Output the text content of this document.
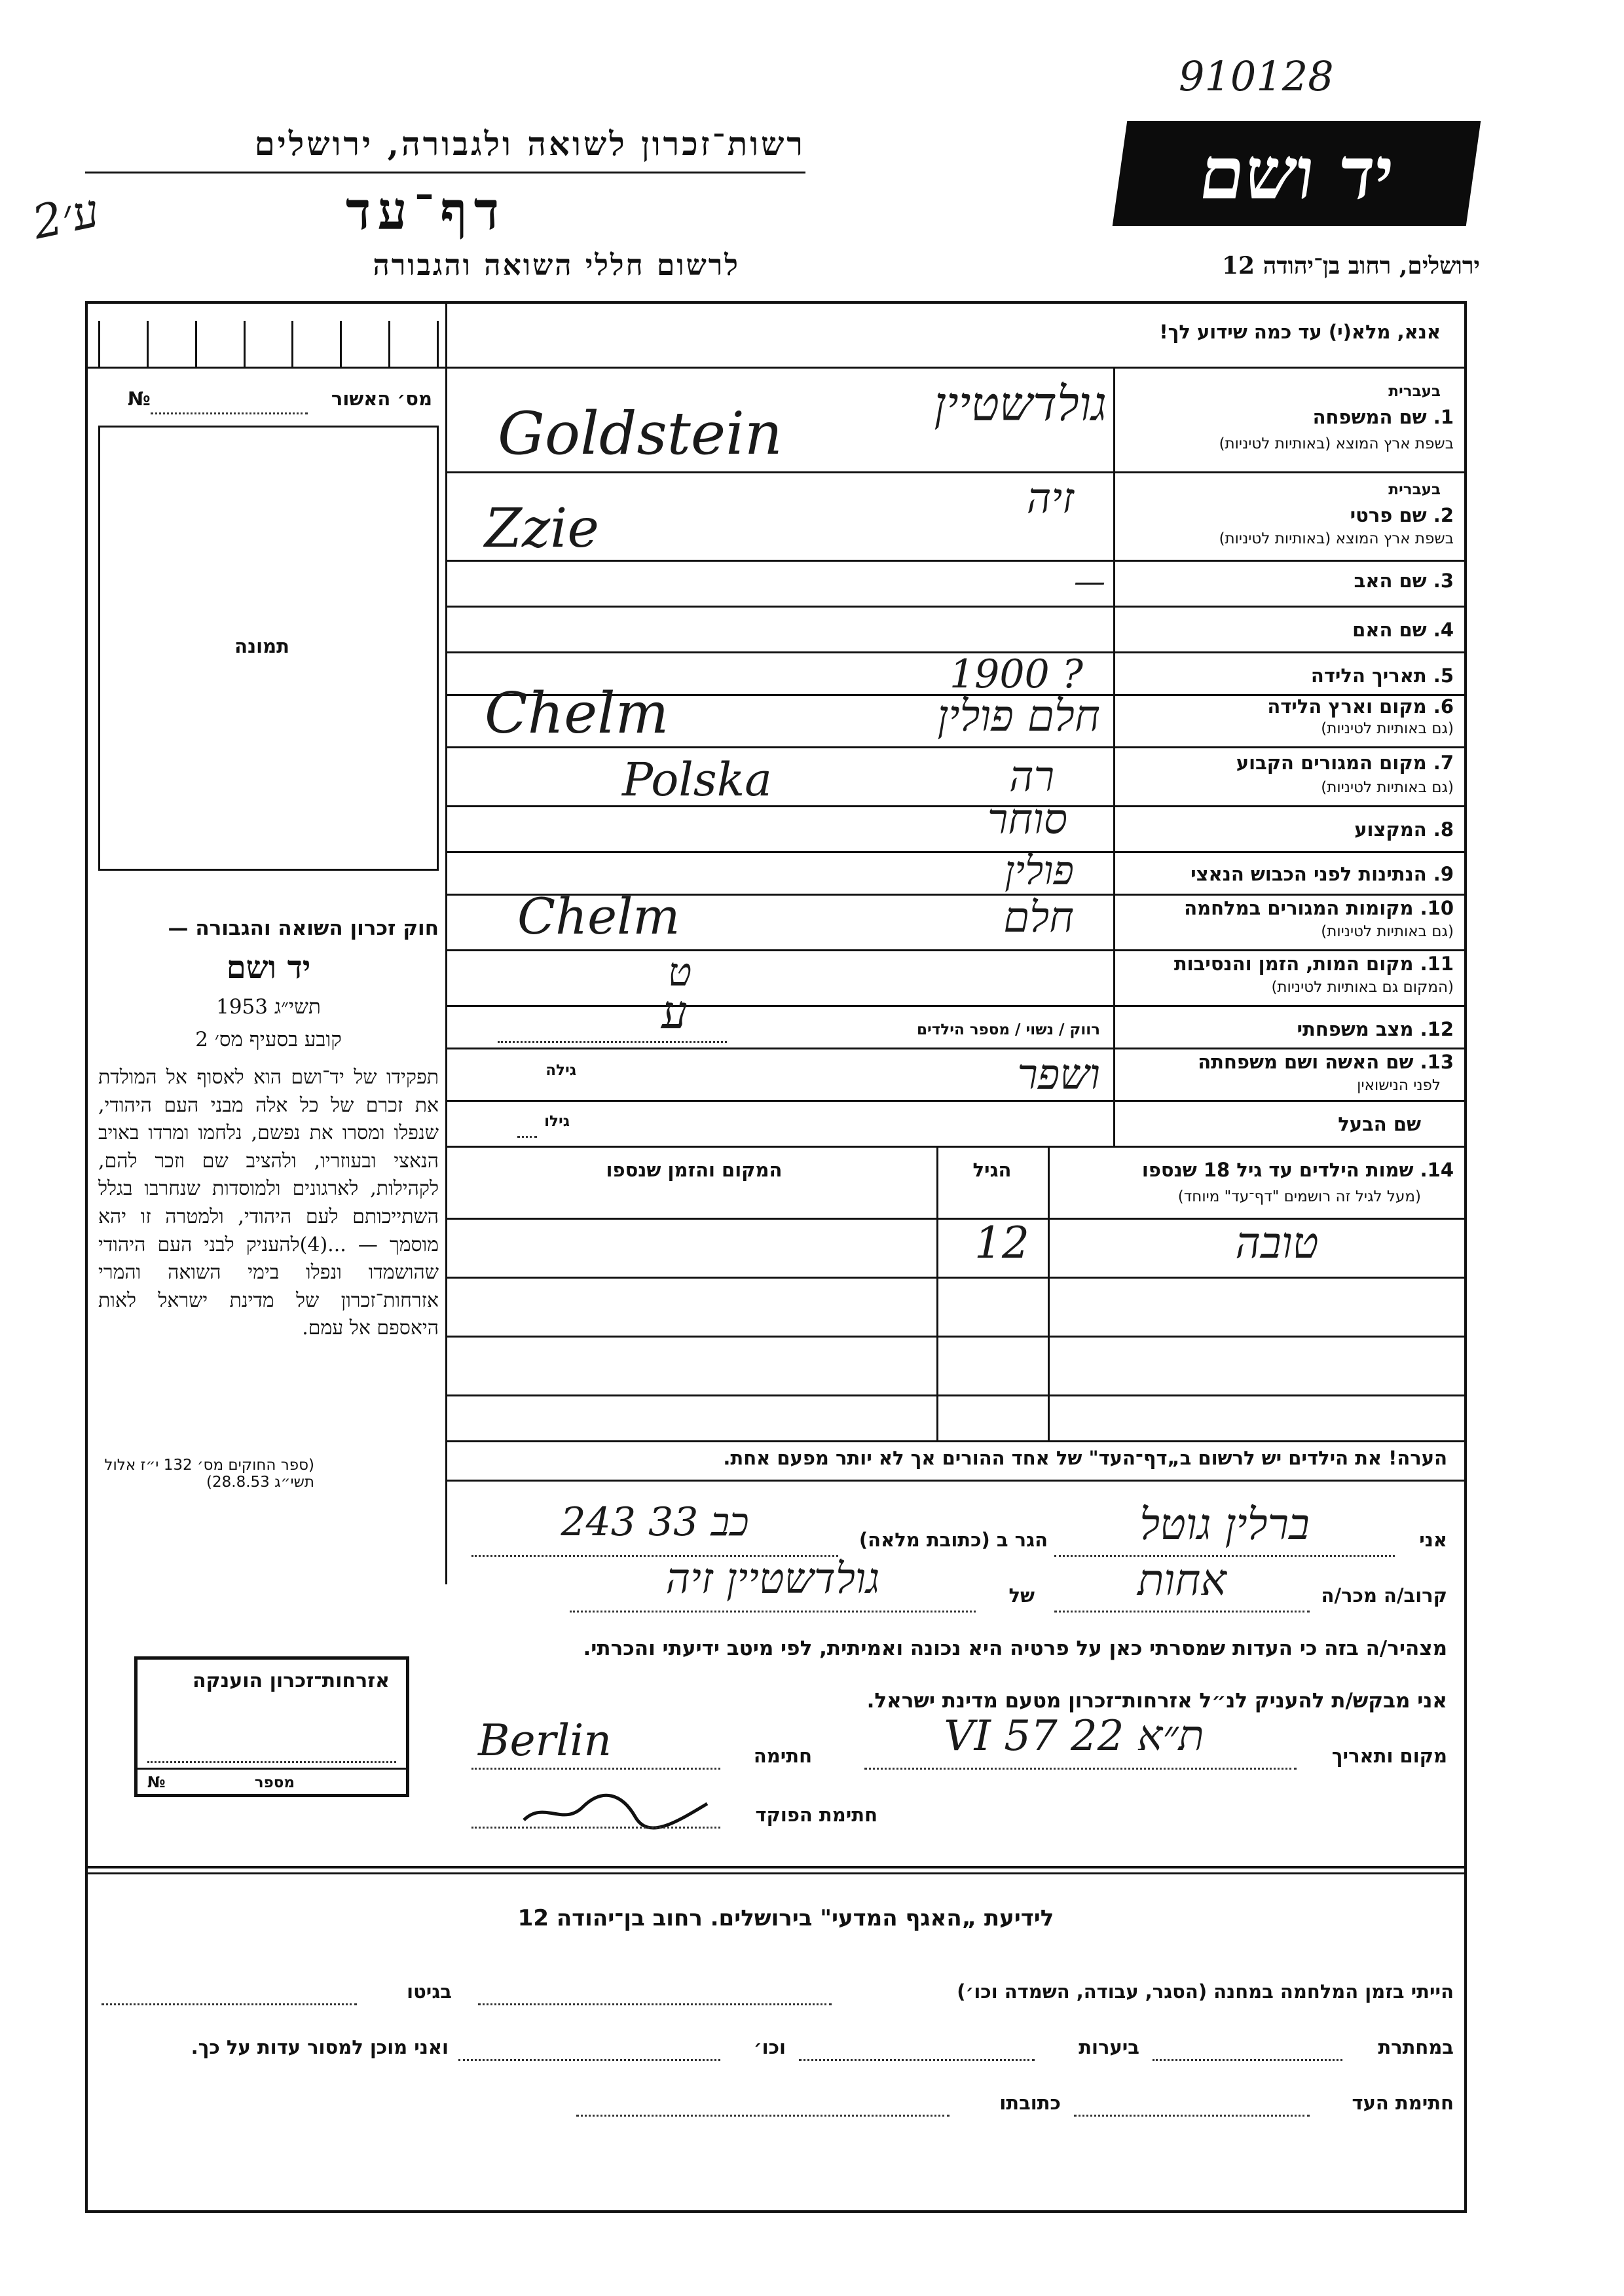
910128
ע׳2
רשות־זכרון לשואה ולגבורה, ירושלים
דף־עד
לרשום חללי השואה והגבורה
יד ושם
ירושלים, רחוב בן־יהודה 12
מס׳ האשור
№
תמונה
חוק זכרון השואה והגבורה —
יד ושם
תשי״ג 1953
קובע בסעיף מס׳ 2
תפקידו של יד־ושם הוא לאסוף אל המולדת את זכרם של כל אלה מבני העם היהודי, שנפלו ומסרו את נפשם, נלחמו ומרדו באויב הנאצי ובעוזריו, ולהציב שם וזכר להם, לקהילות, לארגונים ולמוסדות שנחרבו בגלל השתייכותם לעם היהודי, ולמטרה זו יהא מוסמך — ...(4)להעניק לבני העם היהודי שהושמדו ונפלו בימי השואה והמרי אזרחות־זכרון של מדינת ישראל לאות היאספם אל עמם.
(ספר החוקים מס׳ 132 י״ז אלול תשי״ג 28.8.53)
אזרחות־זכרון הוענקה
מספר
№
אנא, מלא(י) עד כמה שידוע לך!
1. שם המשפחה
בעברית
בשפת ארץ המוצא (באותיות לטיניות)
גולדשטיין
Goldstein
בעברית
2. שם פרטי
בשפת ארץ המוצא (באותיות לטיניות)
זיה
Zzie
3. שם האב
—
4. שם האם
5. תאריך הלידה
1900 ?
6. מקום וארץ הלידה
(גם באותיות לטיניות)
חלם פולין
Chelm
7. מקום המגורים הקבוע
(גם באותיות לטיניות)
רה
Polska
8. המקצוע
סוחר
9. הנתינות לפני הכבוש הנאצי
פולין
10. מקומות המגורים במלחמה
(גם באותיות לטיניות)
חלם
Chelm
11. מקום המות, הזמן והנסיבות
(המקום גם באותיות לטיניות)
ט
12. מצב משפחתי
רווק / נשוי / מספר הילדים
ע
13. שם האשה ושם משפחתה
לפני הנישואין
גילה	ושפר
שם הבעל
גילו
14. שמות הילדים עד גיל 18 שנספו
(מעל לגיל זה רושמים "דף־עד" מיוחד)
הגיל
המקום והזמן שנספו
טובה
12
הערה! את הילדים יש לרשום ב„דף־העד" של אחד ההורים אך לא יותר מפעם אחת.
אני
ברלין גוטל
הגר ב (כתובת מלאה)
243 כב 33
קרוב/ה מכר/ה
אחות
של
גולדשטיין זיה
מצהיר/ה בזה כי העדות שמסרתי כאן על פרטיה היא נכונה ואמיתית, לפי מיטב ידיעתי והכרתי.
אני מבקש/ת להעניק לנ״ל אזרחות־זכרון מטעם מדינת ישראל.
מקום ותאריך
ת״א 22 VI 57
חתימה
Berlin
חתימת הפוקד
לידיעת „האגף המדעי" בירושלים. רחוב בן־יהודה 12
הייתי בזמן המלחמה במחנה (הסגר, עבודה, השמדה וכו׳)
בגיטו
במחתרת
ביערות
וכו׳
ואני מוכן למסור עדות על כך.
חתימת העד
כתובתו
